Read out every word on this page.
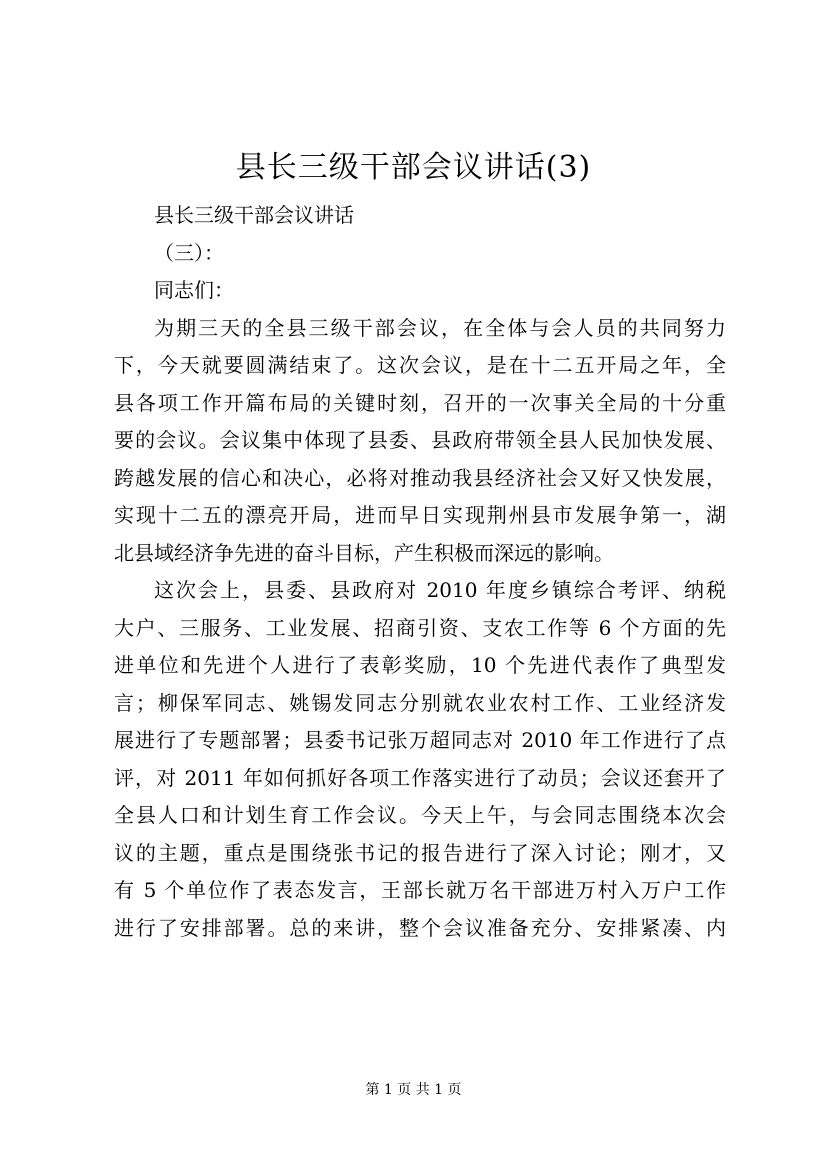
县长三级干部会议讲话(3)
县长三级干部会议讲话
（三）：
同志们：
为期三天的全县三级干部会议，在全体与会人员的共同努力
下，今天就要圆满结束了。这次会议，是在十二五开局之年，全
县各项工作开篇布局的关键时刻，召开的一次事关全局的十分重
要的会议。会议集中体现了县委、县政府带领全县人民加快发展、
跨越发展的信心和决心，必将对推动我县经济社会又好又快发展，
实现十二五的漂亮开局，进而早日实现荆州县市发展争第一，湖
北县域经济争先进的奋斗目标，产生积极而深远的影响。
这次会上，县委、县政府对 2010 年度乡镇综合考评、纳税
大户、三服务、工业发展、招商引资、支农工作等 6 个方面的先
进单位和先进个人进行了表彰奖励，10 个先进代表作了典型发
言；柳保军同志、姚锡发同志分别就农业农村工作、工业经济发
展进行了专题部署；县委书记张万超同志对 2010 年工作进行了点
评，对 2011 年如何抓好各项工作落实进行了动员；会议还套开了
全县人口和计划生育工作会议。今天上午，与会同志围绕本次会
议的主题，重点是围绕张书记的报告进行了深入讨论；刚才，又
有 5 个单位作了表态发言，王部长就万名干部进万村入万户工作
进行了安排部署。总的来讲，整个会议准备充分、安排紧凑、内
第 1 页 共 1 页
